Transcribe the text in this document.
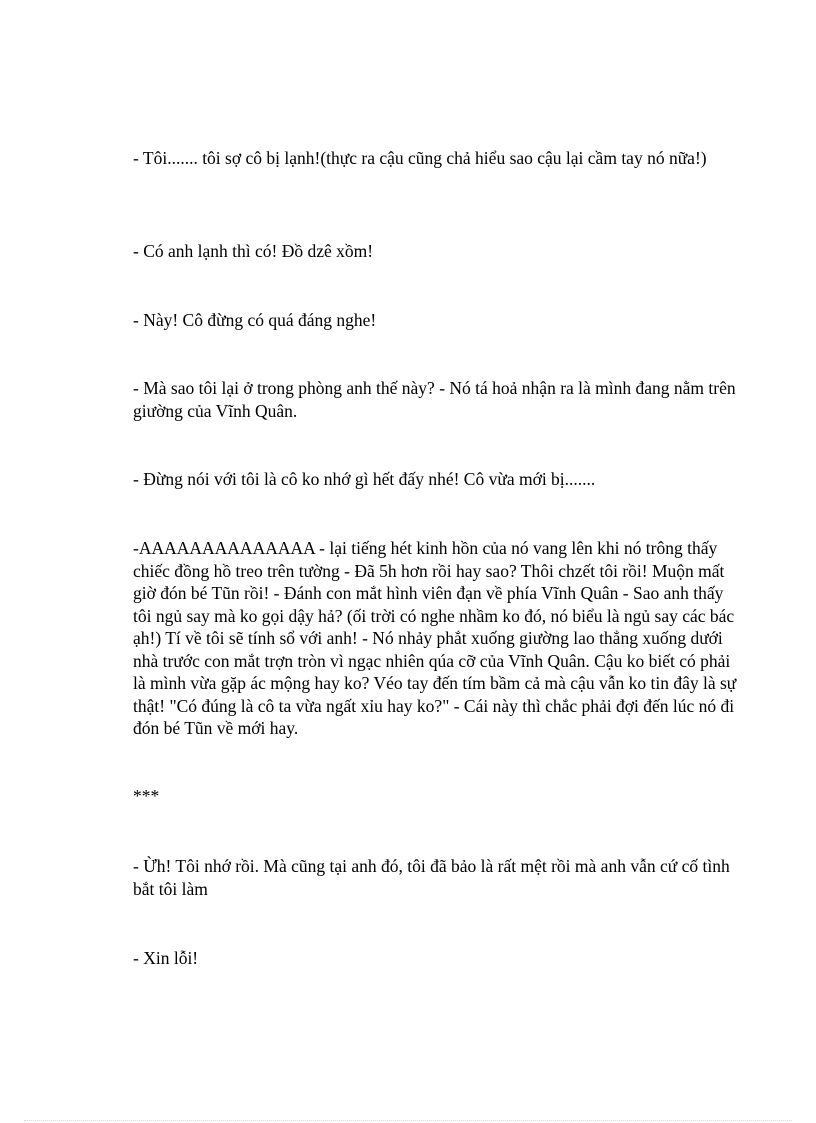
- Tôi....... tôi sợ cô bị lạnh!(thực ra cậu cũng chả hiểu sao cậu lại cầm tay nó nữa!)

- Có anh lạnh thì có! Đồ dzê xồm!

- Này! Cô đừng có quá đáng nghe!

- Mà sao tôi lại ở trong phòng anh thế này? - Nó tá hoả nhận ra là mình đang nằm trên giường của Vĩnh Quân.

- Đừng nói với tôi là cô ko nhớ gì hết đấy nhé! Cô vừa mới bị.......

-AAAAAAAAAAAAAA - lại tiếng hét kinh hồn của nó vang lên khi nó trông thấy chiếc đồng hồ treo trên tường - Đã 5h hơn rồi hay sao? Thôi chzết tôi rồi! Muộn mất giờ đón bé Tũn rồi! - Đánh con mắt hình viên đạn về phía Vĩnh Quân - Sao anh thấy tôi ngủ say mà ko gọi dậy hả? (ối trời có nghe nhầm ko đó, nó biểu là ngủ say các bác ạh!) Tí về tôi sẽ tính sổ với anh! - Nó nhảy phắt xuống giường lao thẳng xuống dưới nhà trước con mắt trợn tròn vì ngạc nhiên qúa cỡ của Vĩnh Quân. Cậu ko biết có phải là mình vừa gặp ác mộng hay ko? Véo tay đến tím bầm cả mà cậu vẫn ko tin đây là sự thật! "Có đúng là cô ta vừa ngất xỉu hay ko?" - Cái này thì chắc phải đợi đến lúc nó đi đón bé Tũn về mới hay.

***

- Ừh! Tôi nhớ rồi. Mà cũng tại anh đó, tôi đã bảo là rất mệt rồi mà anh vẫn cứ cố tình bắt tôi làm

- Xin lỗi!
